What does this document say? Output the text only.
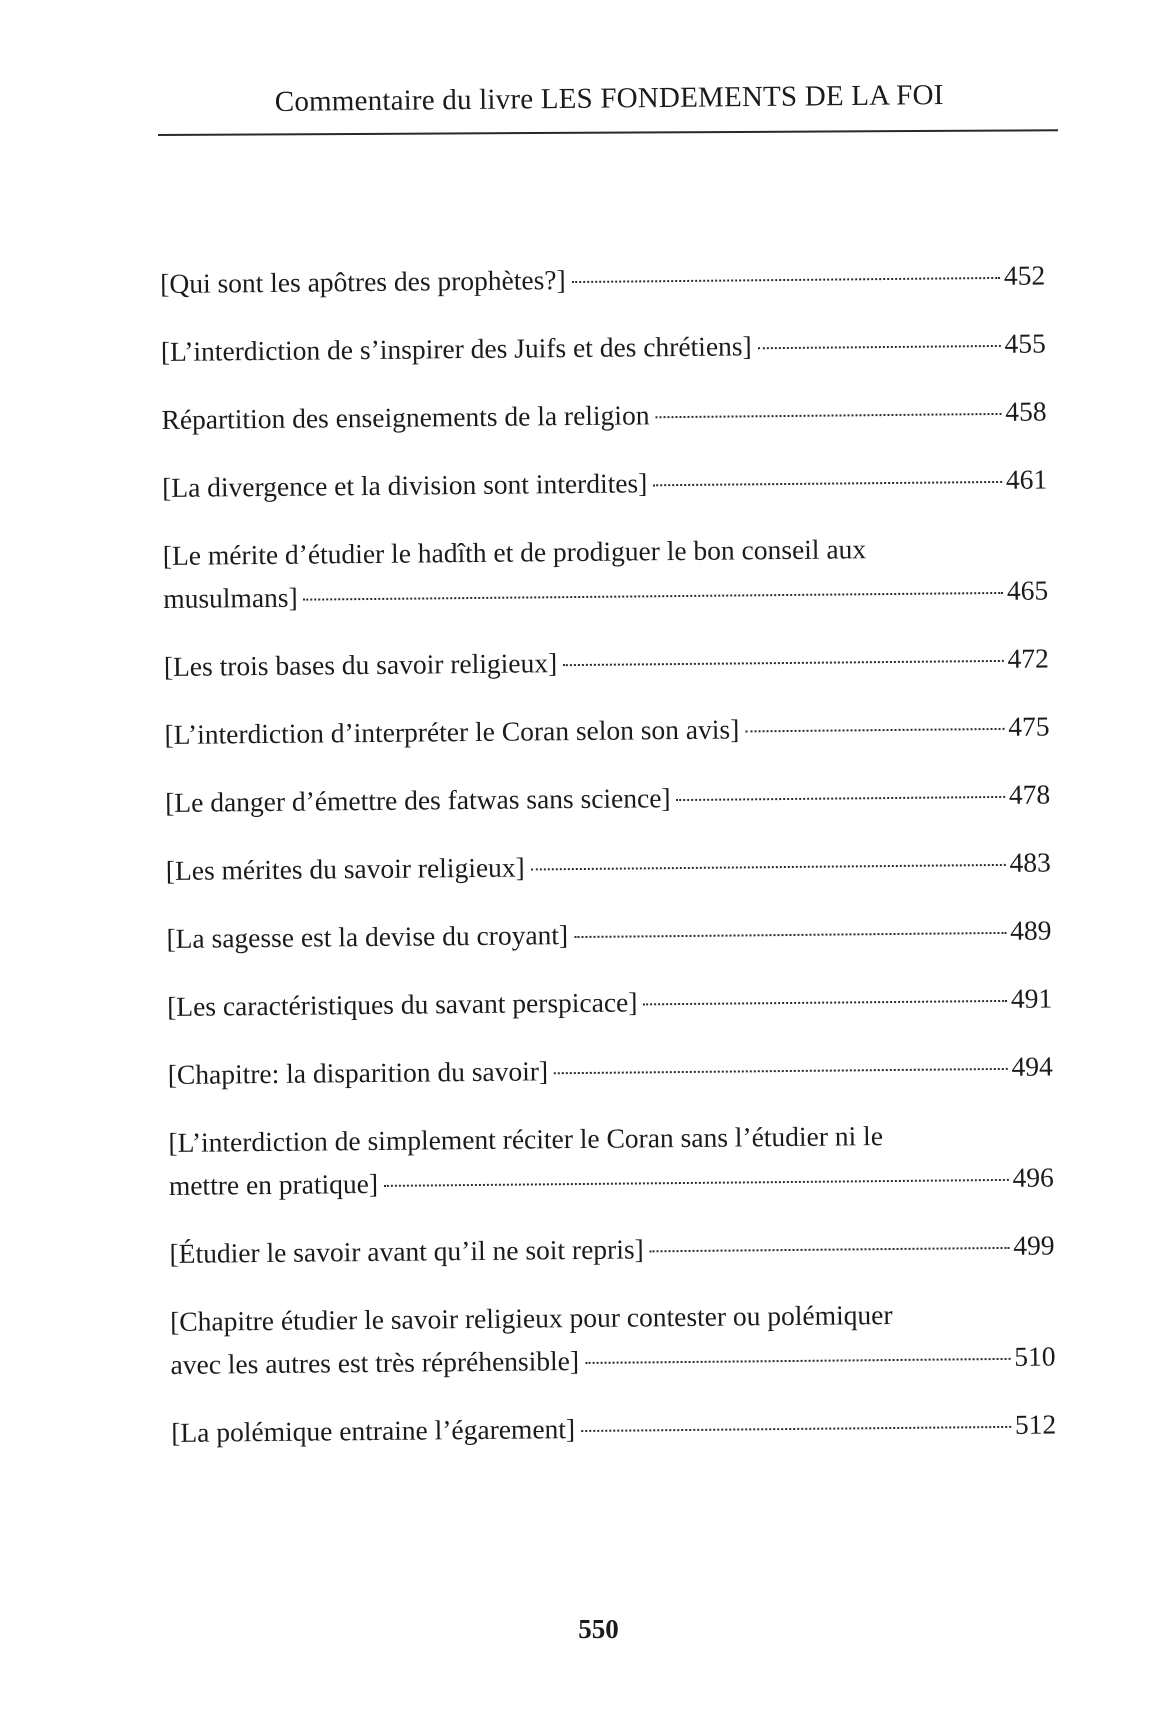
Commentaire du livre LES FONDEMENTS DE LA FOI
[Qui sont les apôtres des prophètes?]	452
[L’interdiction de s’inspirer des Juifs et des chrétiens]	455
Répartition des enseignements de la religion	458
[La divergence et la division sont interdites]	461
[Le mérite d’étudier le hadîth et de prodiguer le bon conseil aux
musulmans]	465
[Les trois bases du savoir religieux]	472
[L’interdiction d’interpréter le Coran selon son avis]	475
[Le danger d’émettre des fatwas sans science]	478
[Les mérites du savoir religieux]	483
[La sagesse est la devise du croyant]	489
[Les caractéristiques du savant perspicace]	491
[Chapitre: la disparition du savoir]	494
[L’interdiction de simplement réciter le Coran sans l’étudier ni le
mettre en pratique]	496
[Étudier le savoir avant qu’il ne soit repris]	499
[Chapitre étudier le savoir religieux pour contester ou polémiquer
avec les autres est très répréhensible]	510
[La polémique entraine l’égarement]	512
550
